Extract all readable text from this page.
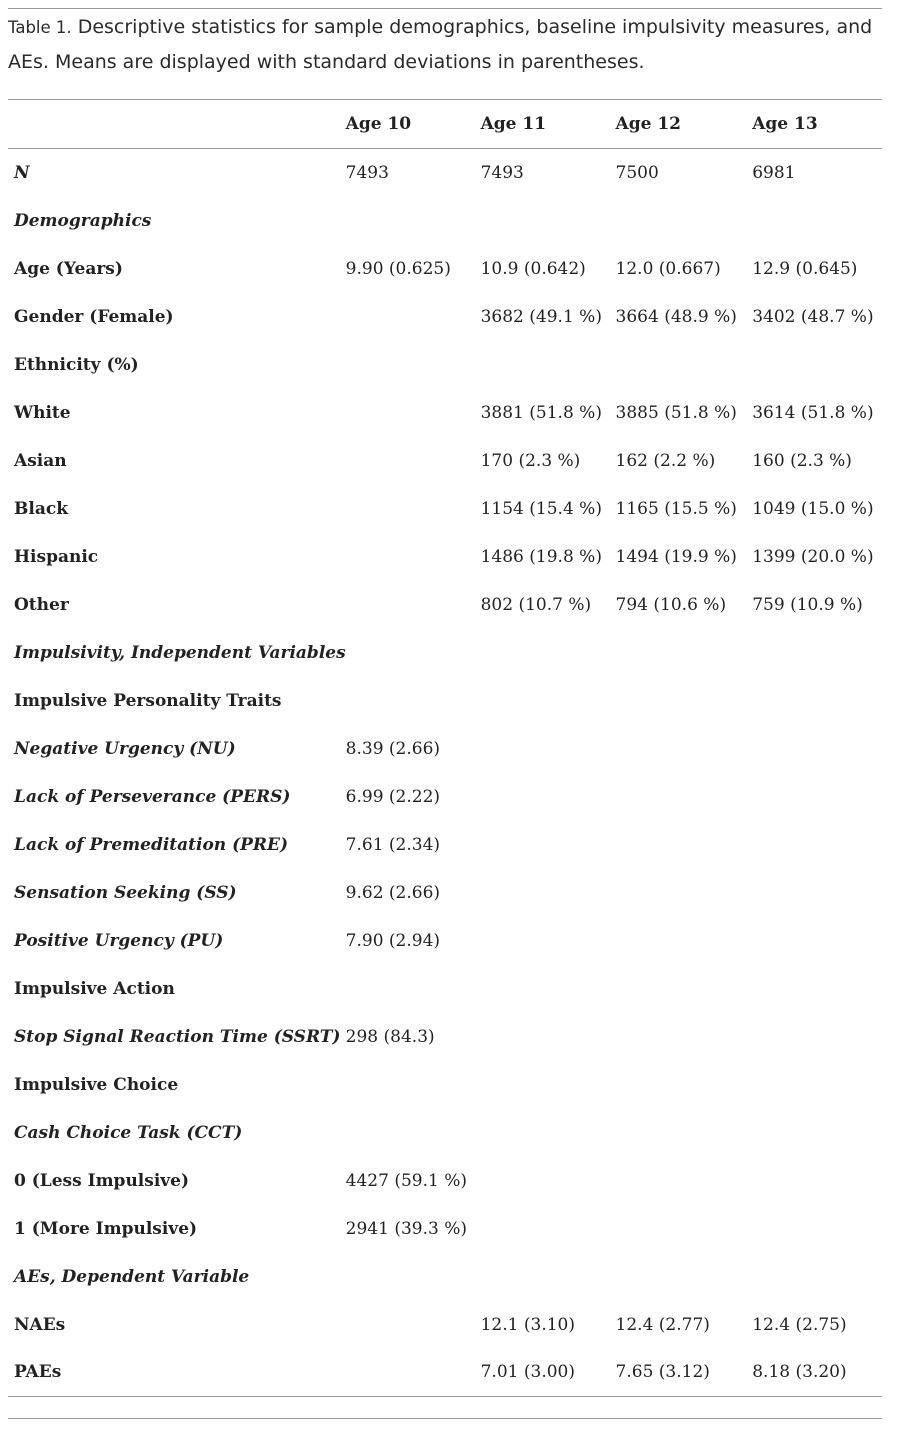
Table 1. Descriptive statistics for sample demographics, baseline impulsivity measures, and AEs. Means are displayed with standard deviations in parentheses.
	Age 10	Age 11	Age 12	Age 13
N	7493	7493	7500	6981
Demographics				
Age (Years)	9.90 (0.625)	10.9 (0.642)	12.0 (0.667)	12.9 (0.645)
Gender (Female)		3682 (49.1 %)	3664 (48.9 %)	3402 (48.7 %)
Ethnicity (%)				
White		3881 (51.8 %)	3885 (51.8 %)	3614 (51.8 %)
Asian		170 (2.3 %)	162 (2.2 %)	160 (2.3 %)
Black		1154 (15.4 %)	1165 (15.5 %)	1049 (15.0 %)
Hispanic		1486 (19.8 %)	1494 (19.9 %)	1399 (20.0 %)
Other		802 (10.7 %)	794 (10.6 %)	759 (10.9 %)
Impulsivity, Independent Variables				
Impulsive Personality Traits				
Negative Urgency (NU)	8.39 (2.66)			
Lack of Perseverance (PERS)	6.99 (2.22)			
Lack of Premeditation (PRE)	7.61 (2.34)			
Sensation Seeking (SS)	9.62 (2.66)			
Positive Urgency (PU)	7.90 (2.94)			
Impulsive Action				
Stop Signal Reaction Time (SSRT)	298 (84.3)			
Impulsive Choice				
Cash Choice Task (CCT)				
0 (Less Impulsive)	4427 (59.1 %)			
1 (More Impulsive)	2941 (39.3 %)			
AEs, Dependent Variable				
NAEs		12.1 (3.10)	12.4 (2.77)	12.4 (2.75)
PAEs		7.01 (3.00)	7.65 (3.12)	8.18 (3.20)
